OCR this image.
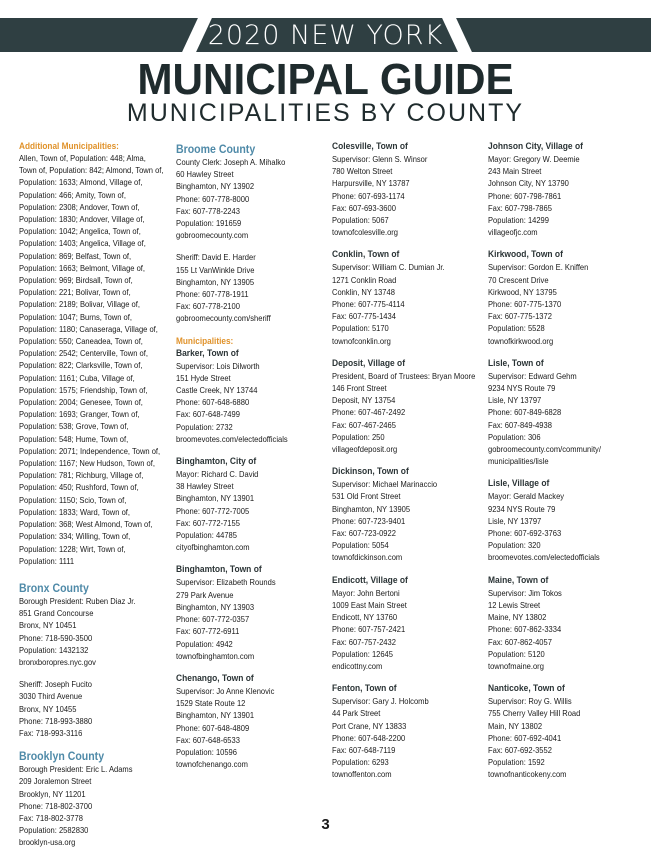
2020 NEW YORK
MUNICIPAL GUIDE
MUNICIPALITIES BY COUNTY
Additional Municipalities:
Allen, Town of, Population: 448; Alma, Town of, Population: 842; Almond, Town of, Population: 1633; Almond, Village of, Population: 466; Amity, Town of, Population: 2308; Andover, Town of, Population: 1830; Andover, Village of, Population: 1042; Angelica, Town of, Population: 1403; Angelica, Village of, Population: 869; Belfast, Town of, Population: 1663; Belmont, Village of, Population: 969; Birdsall, Town of, Population: 221; Bolivar, Town of, Population: 2189; Bolivar, Village of, Population: 1047; Burns, Town of, Population: 1180; Canaseraga, Village of, Population: 550; Caneadea, Town of, Population: 2542; Centerville, Town of, Population: 822; Clarksville, Town of, Population: 1161; Cuba, Village of, Population: 1575; Friendship, Town of, Population: 2004; Genesee, Town of, Population: 1693; Granger, Town of, Population: 538; Grove, Town of, Population: 548; Hume, Town of, Population: 2071; Independence, Town of, Population: 1167; New Hudson, Town of, Population: 781; Richburg, Village of, Population: 450; Rushford, Town of, Population: 1150; Scio, Town of, Population: 1833; Ward, Town of, Population: 368; West Almond, Town of, Population: 334; Willing, Town of, Population: 1228; Wirt, Town of, Population: 1111
Bronx County
Borough President: Ruben Diaz Jr.
851 Grand Concourse
Bronx, NY 10451
Phone: 718-590-3500
Population: 1432132
bronxboropres.nyc.gov
Sheriff: Joseph Fucito
3030 Third Avenue
Bronx, NY 10455
Phone: 718-993-3880
Fax: 718-993-3116
Brooklyn County
Borough President: Eric L. Adams
209 Joralemon Street
Brooklyn, NY 11201
Phone: 718-802-3700
Fax: 718-802-3778
Population: 2582830
brooklyn-usa.org
Broome County
County Clerk: Joseph A. Mihalko
60 Hawley Street
Binghamton, NY 13902
Phone: 607-778-8000
Fax: 607-778-2243
Population: 191659
gobroomecounty.com
Sheriff: David E. Harder
155 Lt VanWinkle Drive
Binghamton, NY 13905
Phone: 607-778-1911
Fax: 607-778-2100
gobroomecounty.com/sheriff
Municipalities:
Barker, Town of
Supervisor: Lois Dilworth
151 Hyde Street
Castle Creek, NY 13744
Phone: 607-648-6880
Fax: 607-648-7499
Population: 2732
broomevotes.com/electedofficials
Binghamton, City of
Mayor: Richard C. David
38 Hawley Street
Binghamton, NY 13901
Phone: 607-772-7005
Fax: 607-772-7155
Population: 44785
cityofbinghamton.com
Binghamton, Town of
Supervisor: Elizabeth Rounds
279 Park Avenue
Binghamton, NY 13903
Phone: 607-772-0357
Fax: 607-772-6911
Population: 4942
townofbinghamton.com
Chenango, Town of
Supervisor: Jo Anne Klenovic
1529 State Route 12
Binghamton, NY 13901
Phone: 607-648-4809
Fax: 607-648-6533
Population: 10596
townofchenango.com
Colesville, Town of
Supervisor: Glenn S. Winsor
780 Welton Street
Harpursville, NY 13787
Phone: 607-693-1174
Fax: 607-693-3600
Population: 5067
townofcolesville.org
Conklin, Town of
Supervisor: William C. Dumian Jr.
1271 Conklin Road
Conklin, NY 13748
Phone: 607-775-4114
Fax: 607-775-1434
Population: 5170
townofconklin.org
Deposit, Village of
President, Board of Trustees: Bryan Moore
146 Front Street
Deposit, NY 13754
Phone: 607-467-2492
Fax: 607-467-2465
Population: 250
villageofdeposit.org
Dickinson, Town of
Supervisor: Michael Marinaccio
531 Old Front Street
Binghamton, NY 13905
Phone: 607-723-9401
Fax: 607-723-0922
Population: 5054
townofdickinson.com
Endicott, Village of
Mayor: John Bertoni
1009 East Main Street
Endicott, NY 13760
Phone: 607-757-2421
Fax: 607-757-2432
Population: 12645
endicottny.com
Fenton, Town of
Supervisor: Gary J. Holcomb
44 Park Street
Port Crane, NY 13833
Phone: 607-648-2200
Fax: 607-648-7119
Population: 6293
townoffenton.com
Johnson City, Village of
Mayor: Gregory W. Deemie
243 Main Street
Johnson City, NY 13790
Phone: 607-798-7861
Fax: 607-798-7865
Population: 14299
villageofjc.com
Kirkwood, Town of
Supervisor: Gordon E. Kniffen
70 Crescent Drive
Kirkwood, NY 13795
Phone: 607-775-1370
Fax: 607-775-1372
Population: 5528
townofkirkwood.org
Lisle, Town of
Supervisor: Edward Gehm
9234 NYS Route 79
Lisle, NY 13797
Phone: 607-849-6828
Fax: 607-849-4938
Population: 306
gobroomecounty.com/community/
municipalities/lisle
Lisle, Village of
Mayor: Gerald Mackey
9234 NYS Route 79
Lisle, NY 13797
Phone: 607-692-3763
Population: 320
broomevotes.com/electedofficials
Maine, Town of
Supervisor: Jim Tokos
12 Lewis Street
Maine, NY 13802
Phone: 607-862-3334
Fax: 607-862-4057
Population: 5120
townofmaine.org
Nanticoke, Town of
Supervisor: Roy G. Willis
755 Cherry Valley Hill Road
Main, NY 13802
Phone: 607-692-4041
Fax: 607-692-3552
Population: 1592
townofnanticokeny.com
3
